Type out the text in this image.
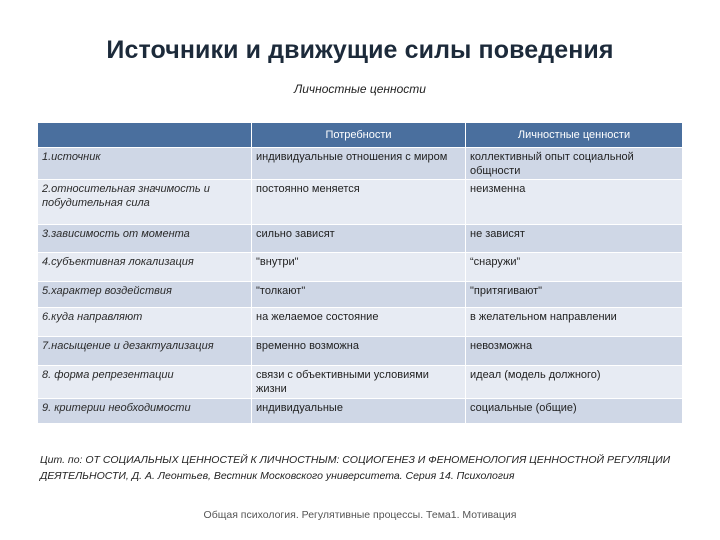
Источники и движущие силы поведения
Личностные ценности
	Потребности	Личностные ценности
1.источник	индивидуальные отношения с миром	коллективный опыт социальной общности
2.относительная значимость и побудительная сила	постоянно меняется	неизменна
3.зависимость от момента	сильно зависят	не зависят
4.субъективная локализация	"внутри"	“снаружи”
5.характер воздействия	"толкают"	"притягивают"
6.куда направляют	на желаемое состояние	в желательном направлении
7.насыщение и дезактуализация	временно возможна	невозможна
8. форма репрезентации	связи с объективными условиями жизни	идеал (модель должного)
9. критерии необходимости	индивидуальные	социальные (общие)
Цит. по: ОТ СОЦИАЛЬНЫХ ЦЕННОСТЕЙ К ЛИЧНОСТНЫМ: СОЦИОГЕНЕЗ И ФЕНОМЕНОЛОГИЯ ЦЕННОСТНОЙ РЕГУЛЯЦИИ ДЕЯТЕЛЬНОСТИ, Д. А. Леонтьев, Вестник Московского университета. Серия 14. Психология
Общая психология. Регулятивные процессы. Тема1. Мотивация
